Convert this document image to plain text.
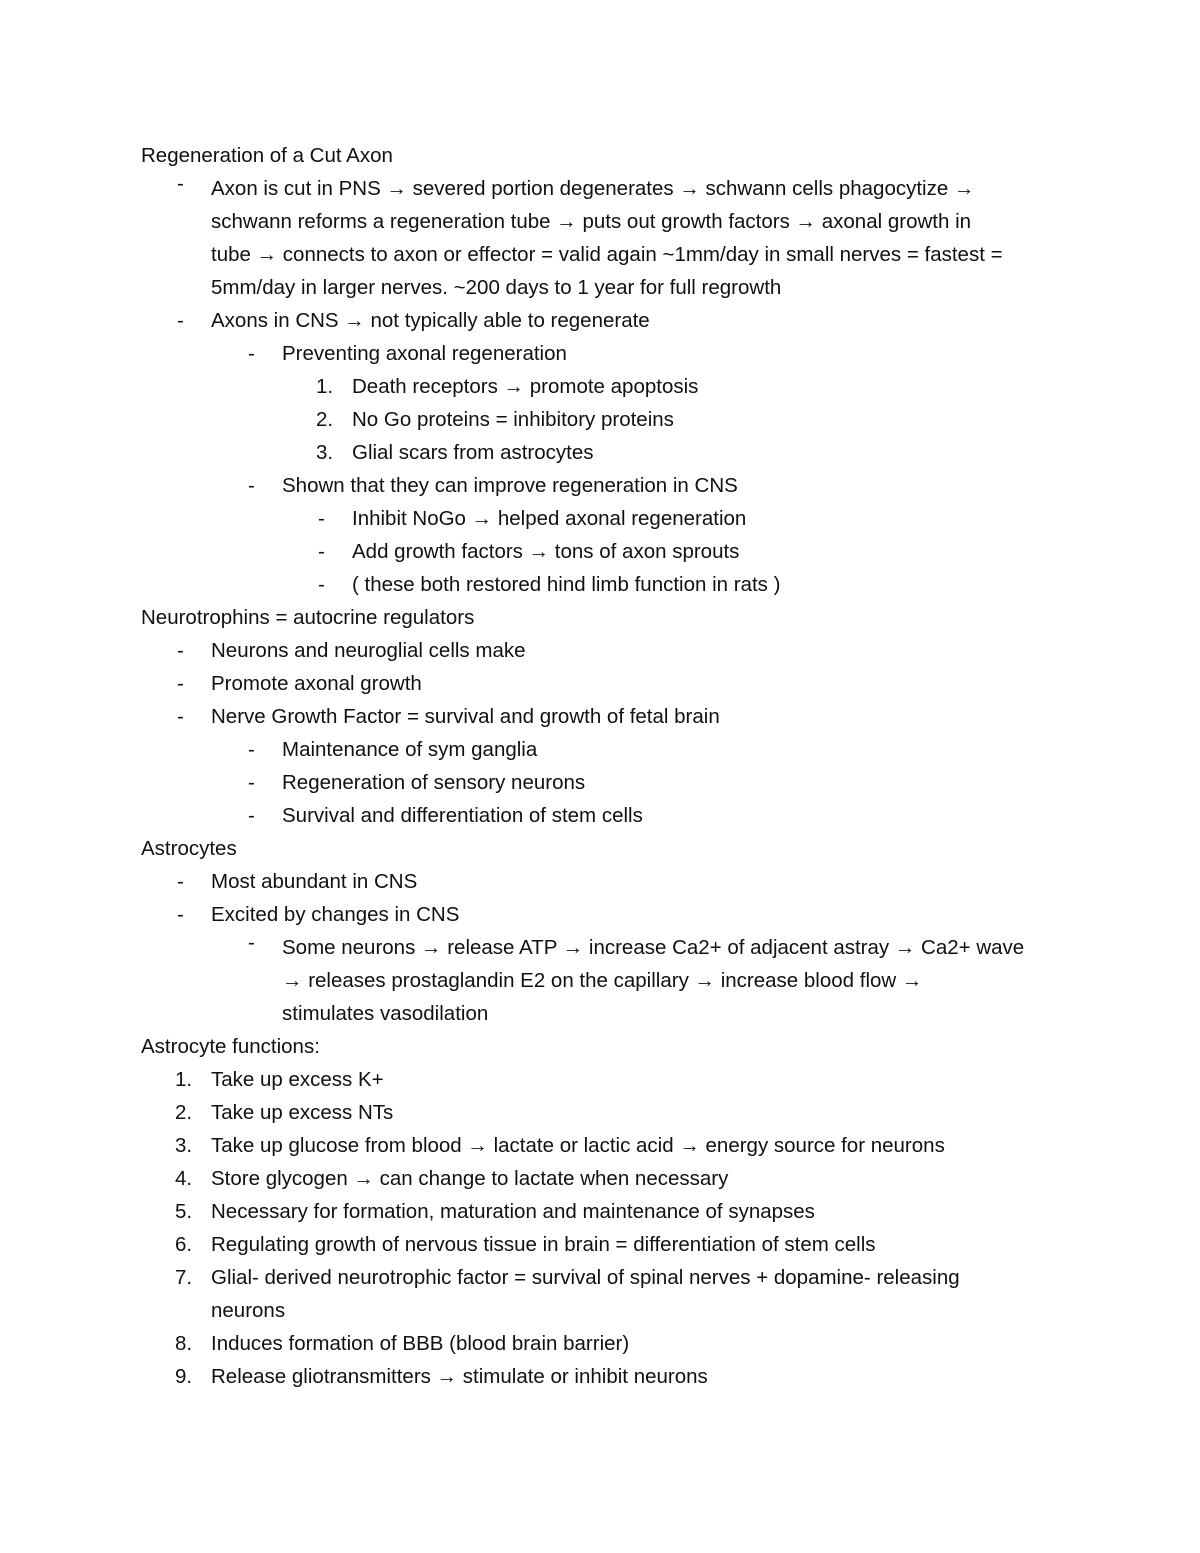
Regeneration of a Cut Axon
- Axon is cut in PNS → severed portion degenerates → schwann cells phagocytize →
schwann reforms a regeneration tube → puts out growth factors → axonal growth in
tube → connects to axon or effector = valid again ~1mm/day in small nerves = fastest =
5mm/day in larger nerves. ~200 days to 1 year for full regrowth
- Axons in CNS → not typically able to regenerate
- Preventing axonal regeneration
1. Death receptors → promote apoptosis
2. No Go proteins = inhibitory proteins
3. Glial scars from astrocytes
- Shown that they can improve regeneration in CNS
- Inhibit NoGo → helped axonal regeneration
- Add growth factors → tons of axon sprouts
- ( these both restored hind limb function in rats )
Neurotrophins = autocrine regulators
- Neurons and neuroglial cells make
- Promote axonal growth
- Nerve Growth Factor = survival and growth of fetal brain
- Maintenance of sym ganglia
- Regeneration of sensory neurons
- Survival and differentiation of stem cells
Astrocytes
- Most abundant in CNS
- Excited by changes in CNS
- Some neurons → release ATP → increase Ca2+ of adjacent astray → Ca2+ wave
→ releases prostaglandin E2 on the capillary → increase blood flow →
stimulates vasodilation
Astrocyte functions:
1. Take up excess K+
2. Take up excess NTs
3. Take up glucose from blood → lactate or lactic acid → energy source for neurons
4. Store glycogen → can change to lactate when necessary
5. Necessary for formation, maturation and maintenance of synapses
6. Regulating growth of nervous tissue in brain = differentiation of stem cells
7. Glial- derived neurotrophic factor = survival of spinal nerves + dopamine- releasing
neurons
8. Induces formation of BBB (blood brain barrier)
9. Release gliotransmitters → stimulate or inhibit neurons
